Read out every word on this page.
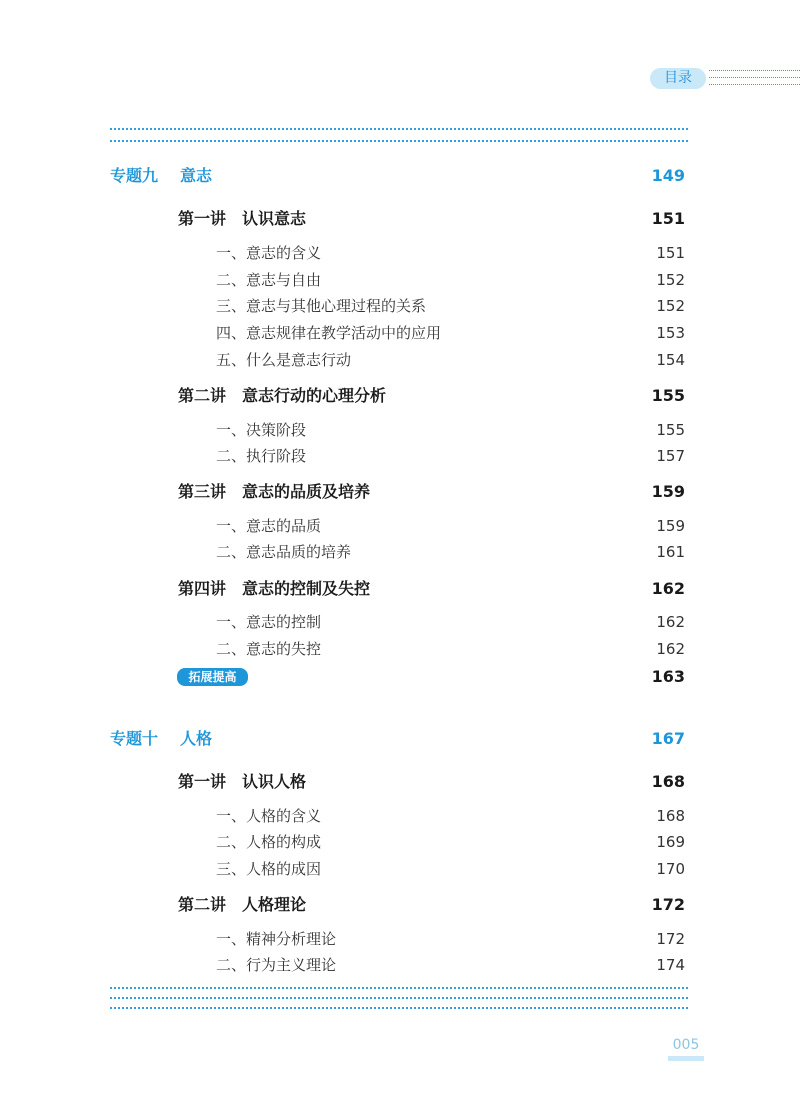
目录
专题九 意志	149
第一讲 认识意志	151
一、意志的含义	151
二、意志与自由	152
三、意志与其他心理过程的关系	152
四、意志规律在教学活动中的应用	153
五、什么是意志行动	154
第二讲 意志行动的心理分析	155
一、决策阶段	155
二、执行阶段	157
第三讲 意志的品质及培养	159
一、意志的品质	159
二、意志品质的培养	161
第四讲 意志的控制及失控	162
一、意志的控制	162
二、意志的失控	162
拓展提高	163
专题十 人格	167
第一讲 认识人格	168
一、人格的含义	168
二、人格的构成	169
三、人格的成因	170
第二讲 人格理论	172
一、精神分析理论	172
二、行为主义理论	174
005
